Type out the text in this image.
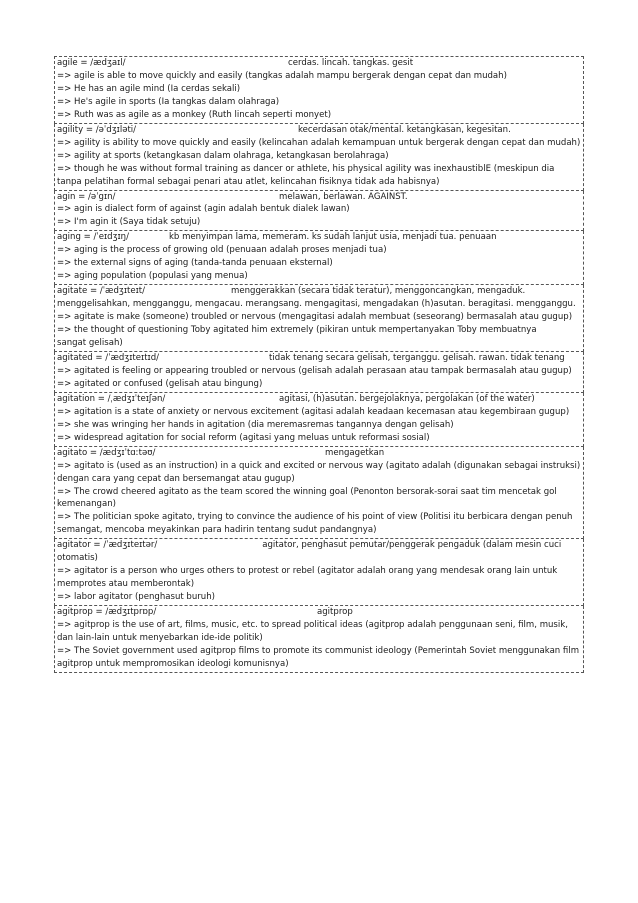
agile = /ædʒaɪl/	cerdas. lincah. tangkas. gesit
=> agile is able to move quickly and easily (tangkas adalah mampu bergerak dengan cepat dan mudah)
=> He has an agile mind (Ia cerdas sekali)
=> He's agile in sports (Ia tangkas dalam olahraga)
=> Ruth was as agile as a monkey (Ruth lincah seperti monyet)
agility = /əˈdʒɪləti/	kecerdasan otak/mental. ketangkasan, kegesitan.
=> agility is ability to move quickly and easily (kelincahan adalah kemampuan untuk bergerak dengan cepat dan mudah)
=> agility at sports (ketangkasan dalam olahraga, ketangkasan berolahraga)
=> though he was without formal training as dancer or athlete, his physical agility was inexhaustiblE (meskipun dia tanpa pelatihan formal sebagai penari atau atlet, kelincahan fisiknya tidak ada habisnya)
agin = /əˈgɪn/	melawan, berlawan. AGAINST.
=> agin is dialect form of against (agin adalah bentuk dialek lawan)
=> I'm agin it (Saya tidak setuju)
aging = /ˈeɪdʒɪŋ/	kb menyimpan lama, memeram. ks sudah lanjut usia, menjadi tua. penuaan
=> aging is the process of growing old (penuaan adalah proses menjadi tua)
=> the external signs of aging (tanda-tanda penuaan eksternal)
=> aging population (populasi yang menua)
agitate = /ˈædʒɪteɪt/	menggerakkan (secara tidak teratur), menggoncangkan, mengaduk. menggelisahkan, mengganggu, mengacau. merangsang. mengagitasi, mengadakan (h)asutan. beragitasi. mengganggu.
=> agitate is make (someone) troubled or nervous (mengagitasi adalah membuat (seseorang) bermasalah atau gugup)
=> the thought of questioning Toby agitated him extremely (pikiran untuk mempertanyakan Toby membuatnya
sangat gelisah)
agitated = /ˈædʒɪteɪtɪd/	tidak tenang secara gelisah, terganggu. gelisah. rawan. tidak tenang
=> agitated is feeling or appearing troubled or nervous (gelisah adalah perasaan atau tampak bermasalah atau gugup)
=> agitated or confused (gelisah atau bingung)
agitation = /ˌædʒɪˈteɪʃən/	agitasi, (h)asutan. bergejolaknya, pergolakan (of the water)
=> agitation is a state of anxiety or nervous excitement (agitasi adalah keadaan kecemasan atau kegembiraan gugup)
=> she was wringing her hands in agitation (dia meremasremas tangannya dengan gelisah)
=> widespread agitation for social reform (agitasi yang meluas untuk reformasi sosial)
agitato = /ædʒɪˈtɑːtəʊ/	mengagetkan
=> agitato is (used as an instruction) in a quick and excited or nervous way (agitato adalah (digunakan sebagai instruksi) dengan cara yang cepat dan bersemangat atau gugup)
=> The crowd cheered agitato as the team scored the winning goal (Penonton bersorak-sorai saat tim mencetak gol kemenangan)
=> The politician spoke agitato, trying to convince the audience of his point of view (Politisi itu berbicara dengan penuh semangat, mencoba meyakinkan para hadirin tentang sudut pandangnya)
agitator = /ˈædʒɪteɪtər/	agitator, penghasut pemutar/penggerak pengaduk (dalam mesin cuci otomatis)
=> agitator is a person who urges others to protest or rebel (agitator adalah orang yang mendesak orang lain untuk memprotes atau memberontak)
=> labor agitator (penghasut buruh)
agitprop = /ædʒɪtprɒp/	agitprop
=> agitprop is the use of art, films, music, etc. to spread political ideas (agitprop adalah penggunaan seni, film, musik, dan lain-lain untuk menyebarkan ide-ide politik)
=> The Soviet government used agitprop films to promote its communist ideology (Pemerintah Soviet menggunakan film agitprop untuk mempromosikan ideologi komunisnya)
